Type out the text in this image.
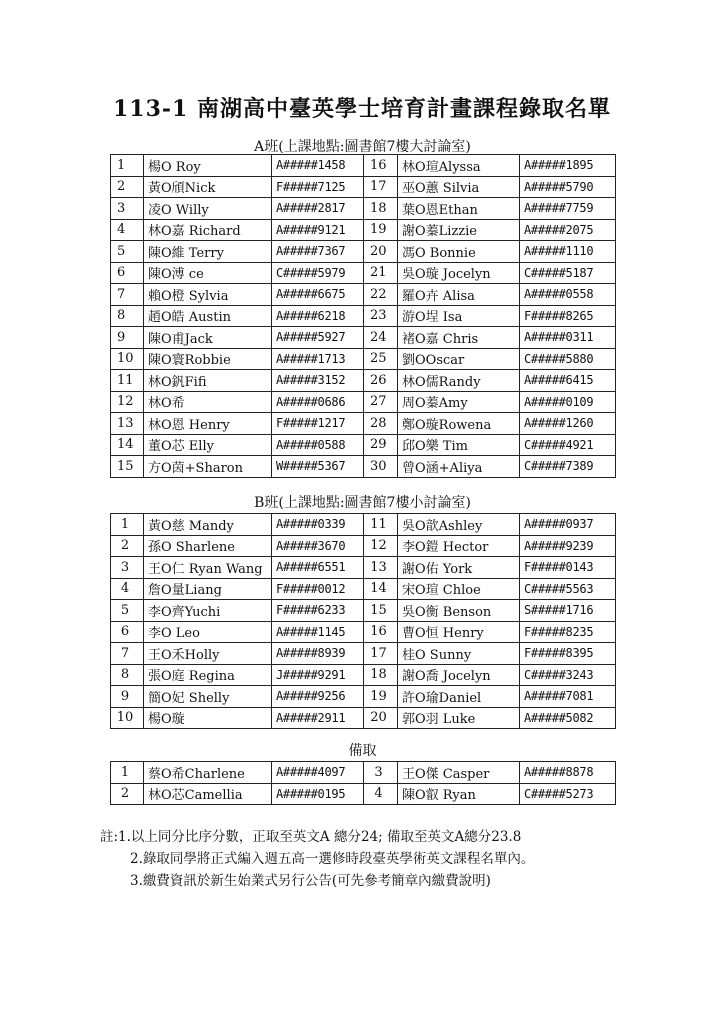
113-1 南湖高中臺英學士培育計畫課程錄取名單
A班(上課地點:圖書館7樓大討論室)
1	楊O Roy	A#####1458	16	林O瑄Alyssa	A#####1895
2	黃O頎Nick	F#####7125	17	巫O蕙 Silvia	A#####5790
3	凌O Willy	A#####2817	18	葉O恩Ethan	A#####7759
4	林O嘉 Richard	A#####9121	19	謝O蓁Lizzie	A#####2075
5	陳O維 Terry	A#####7367	20	馮O Bonnie	A#####1110
6	陳O溥 ce	C#####5979	21	吳O璇 Jocelyn	C#####5187
7	賴O橙 Sylvia	A#####6675	22	羅O卉 Alisa	A#####0558
8	趙O皓 Austin	A#####6218	23	游O埕 Isa	F#####8265
9	陳O甫Jack	A#####5927	24	褚O嘉 Chris	A#####0311
10	陳O寰Robbie	A#####1713	25	劉OOscar	C#####5880
11	林O釩Fifi	A#####3152	26	林O儒Randy	A#####6415
12	林O希	A#####0686	27	周O蓁Amy	A#####0109
13	林O恩 Henry	F#####1217	28	鄭O璇Rowena	A#####1260
14	董O芯 Elly	A#####0588	29	邱O樂 Tim	C#####4921
15	方O茵+Sharon	W#####5367	30	曾O涵+Aliya	C#####7389
B班(上課地點:圖書館7樓小討論室)
1	黃O慈 Mandy	A#####0339	11	吳O歆Ashley	A#####0937
2	孫O Sharlene	A#####3670	12	李O鎧 Hector	A#####9239
3	王O仁 Ryan Wang	A#####6551	13	謝O佑 York	F#####0143
4	詹O量Liang	F#####0012	14	宋O瑄 Chloe	C#####5563
5	李O齊Yuchi	F#####6233	15	吳O衡 Benson	S#####1716
6	李O Leo	A#####1145	16	曹O恒 Henry	F#####8235
7	王O禾Holly	A#####8939	17	桂O Sunny	F#####8395
8	張O庭 Regina	J#####9291	18	謝O喬 Jocelyn	C#####3243
9	簡O妃 Shelly	A#####9256	19	許O瑜Daniel	A#####7081
10	楊O璇	A#####2911	20	郭O羽 Luke	A#####5082
備取
1	蔡O希Charlene	A#####4097	3	王O傑 Casper	A#####8878
2	林O芯Camellia	A#####0195	4	陳O叡 Ryan	C#####5273
註:1.以上同分比序分數，正取至英文A 總分24; 備取至英文A總分23.8
2.錄取同學將正式編入週五高一選修時段臺英學術英文課程名單內。
3.繳費資訊於新生始業式另行公告(可先參考簡章內繳費說明)
